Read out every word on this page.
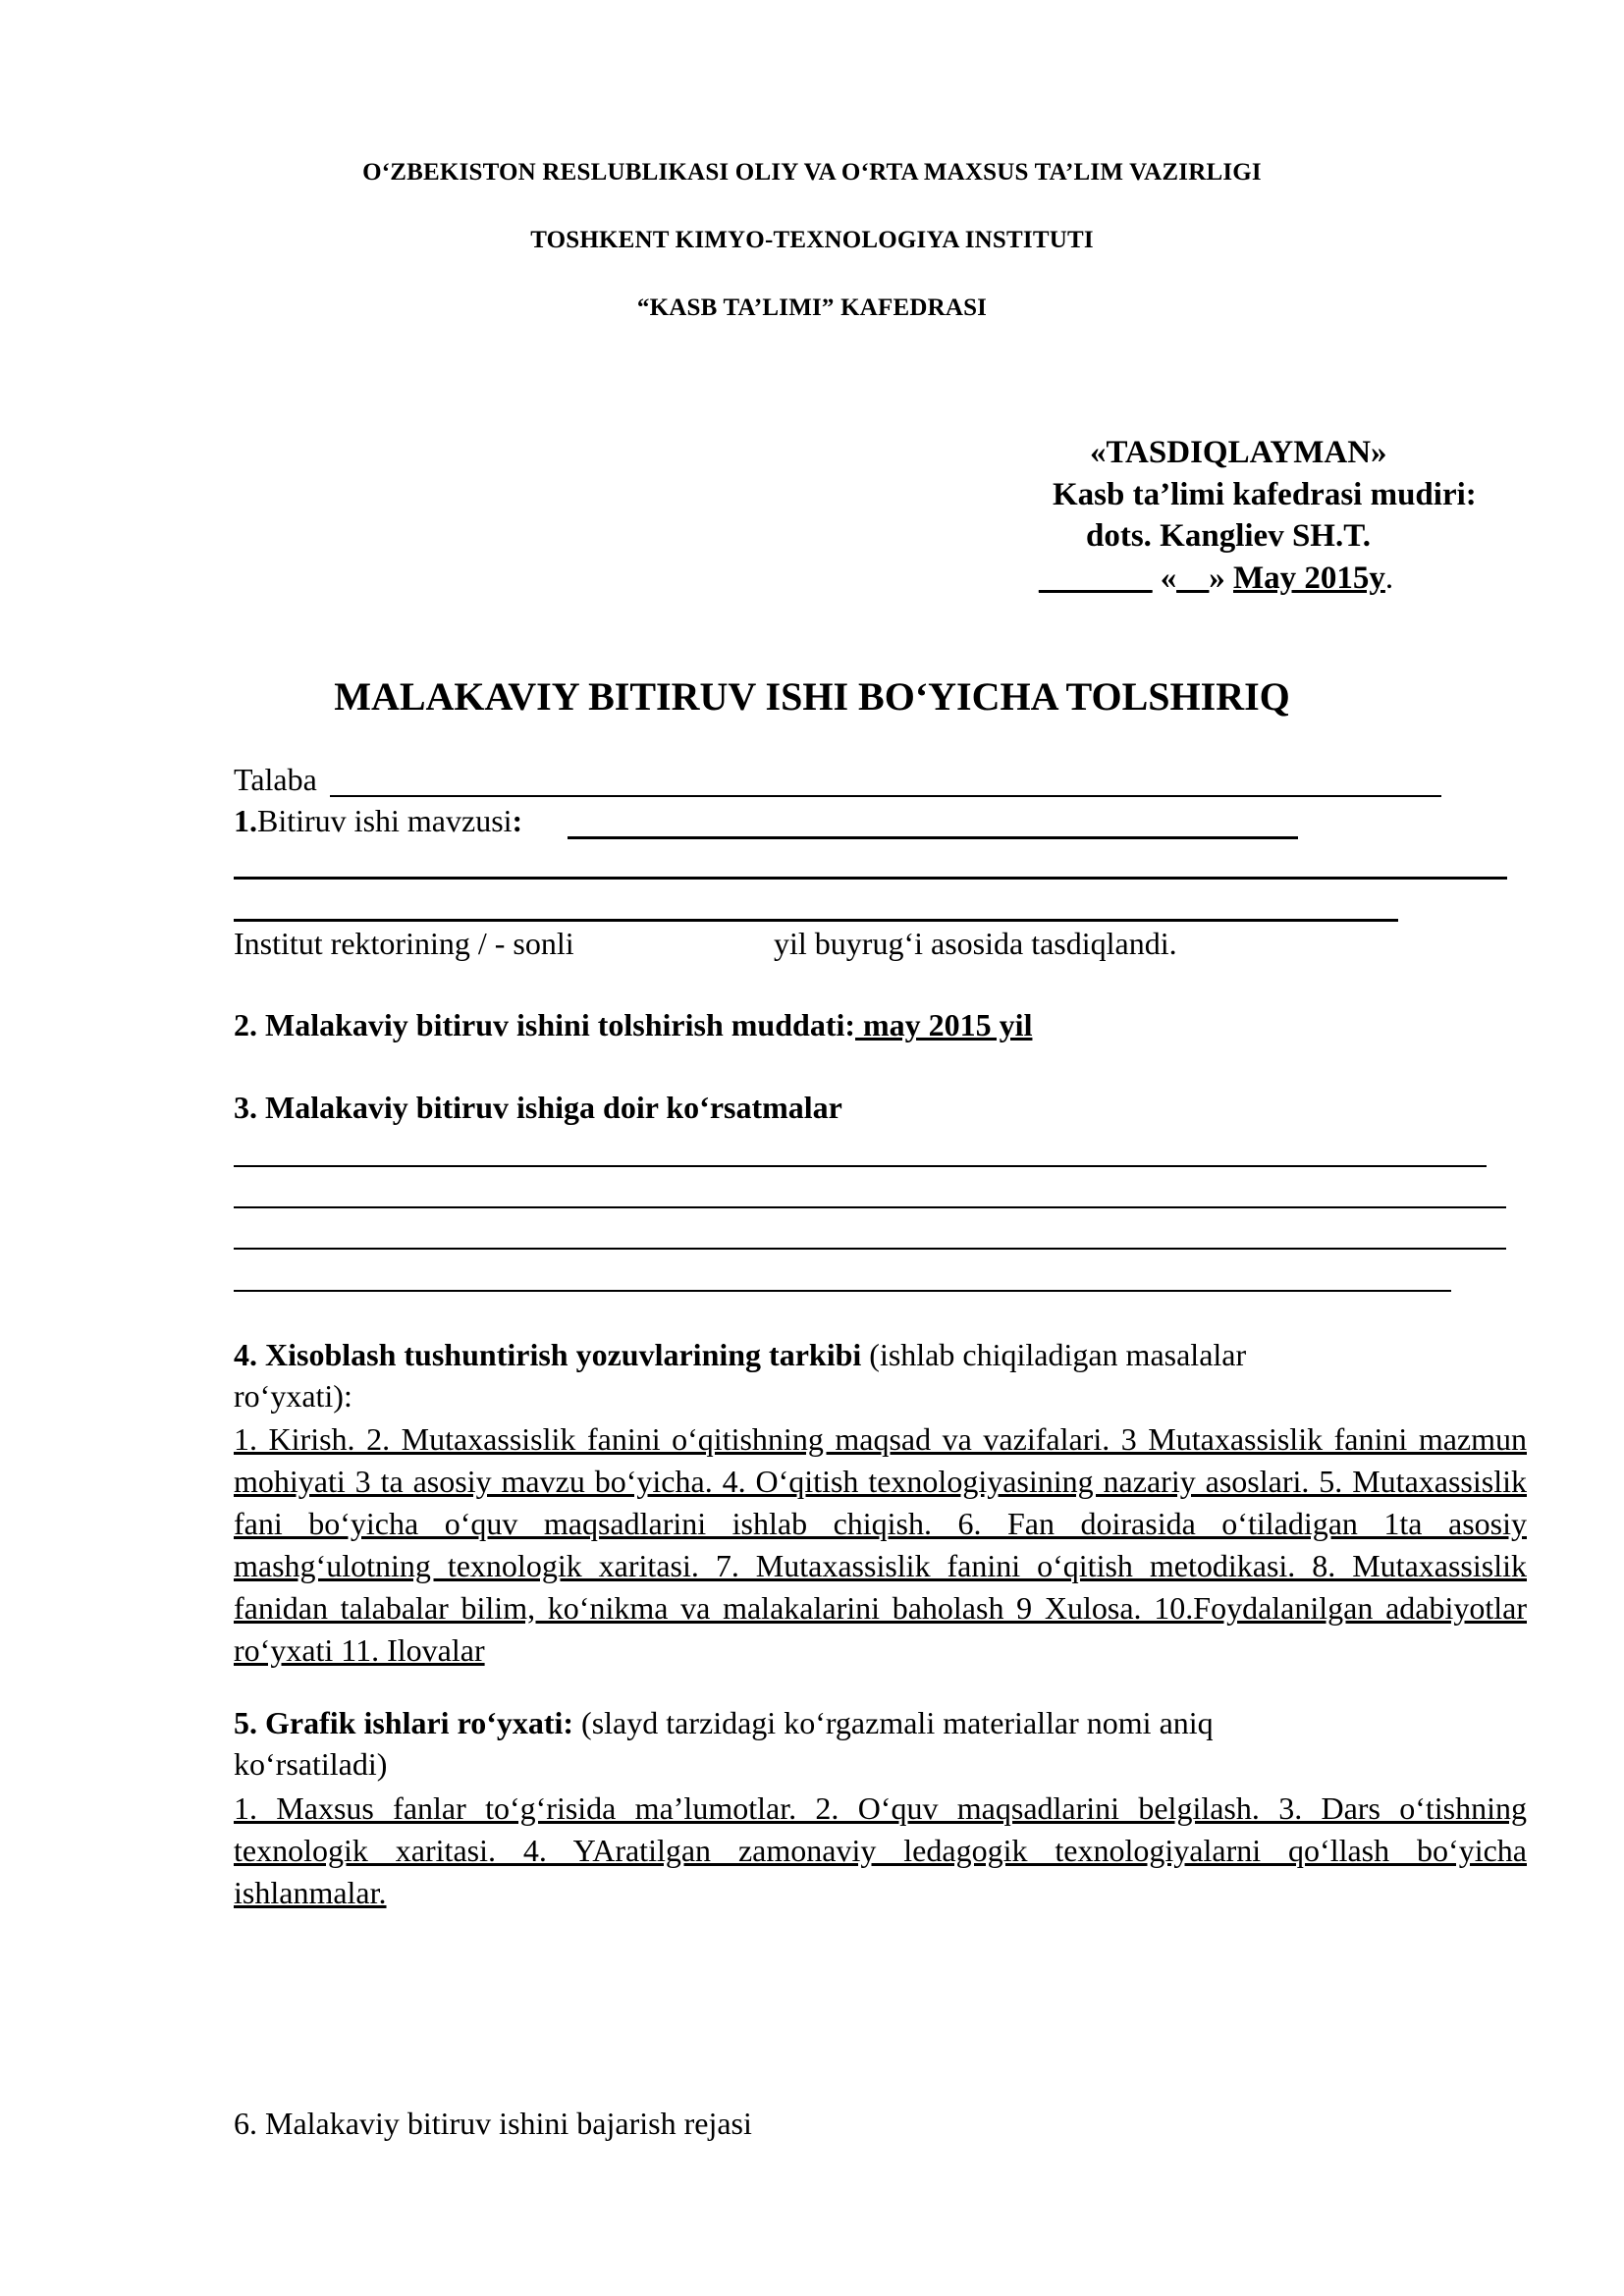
O‘ZBEKISTON RESLUBLIKASI OLIY VA O‘RTA MAXSUS TA’LIM VAZIRLIGI
TOSHKENT KIMYO-TEXNOLOGIYA INSTITUTI
“KASB TA’LIMI” KAFEDRASI
«TASDIQLAYMAN»
Kasb ta’limi kafedrasi mudiri:
dots. Kangliev SH.T.
_______ «__» May 2015y.
MALAKAVIY BITIRUV ISHI BO‘YICHA TOLSHIRIQ
Talaba
1.Bitiruv ishi mavzusi:
Institut rektorining / - sonli	yil buyrug‘i asosida tasdiqlandi.
2. Malakaviy bitiruv ishini tolshirish muddati: may 2015 yil
3. Malakaviy bitiruv ishiga doir ko‘rsatmalar
4. Xisoblash tushuntirish yozuvlarining tarkibi (ishlab chiqiladigan masalalar
ro‘yxati):
1. Kirish. 2. Mutaxassislik fanini o‘qitishning maqsad va vazifalari. 3 Mutaxassislik fanini mazmun mohiyati 3 ta asosiy mavzu bo‘yicha. 4. O‘qitish texnologiyasining nazariy asoslari. 5. Mutaxassislik fani bo‘yicha o‘quv maqsadlarini ishlab chiqish. 6. Fan doirasida o‘tiladigan 1ta asosiy mashg‘ulotning texnologik xaritasi. 7. Mutaxassislik fanini o‘qitish metodikasi. 8. Mutaxassislik fanidan talabalar bilim, ko‘nikma va malakalarini baholash 9 Xulosa. 10.Foydalanilgan adabiyotlar ro‘yxati 11. Ilovalar
5. Grafik ishlari ro‘yxati: (slayd tarzidagi ko‘rgazmali materiallar nomi aniq
ko‘rsatiladi)
1. Maxsus fanlar to‘g‘risida ma’lumotlar. 2. O‘quv maqsadlarini belgilash. 3. Dars o‘tishning texnologik xaritasi. 4. YAratilgan zamonaviy ledagogik texnologiyalarni qo‘llash bo‘yicha ishlanmalar.
6. Malakaviy bitiruv ishini bajarish rejasi
